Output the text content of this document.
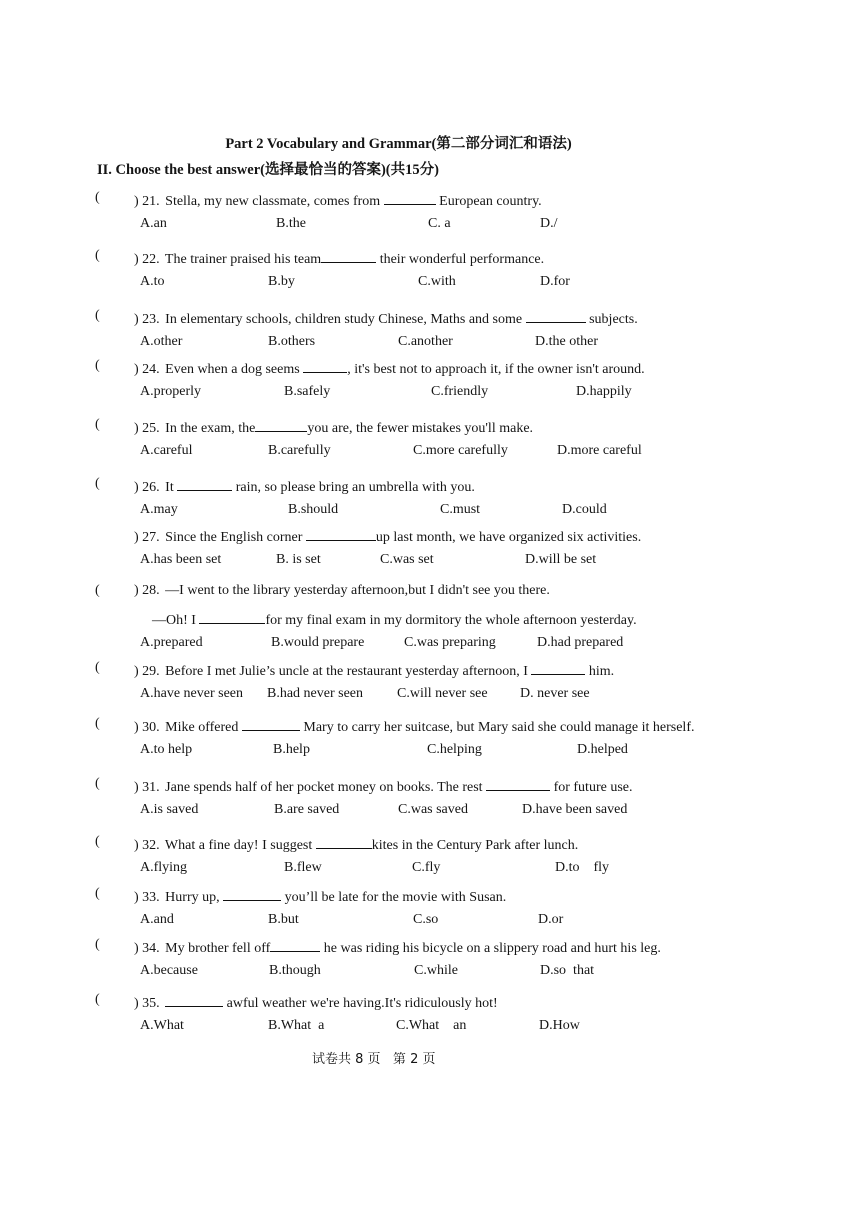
Part 2 Vocabulary and Grammar(第二部分词汇和语法)
II. Choose the best answer(选择最恰当的答案)(共15分)
( ) 21. Stella, my new classmate, comes from	European country.
A.an	B.the	C. a	D./
( ) 22. The trainer praised his team	their wonderful performance.
A.to	B.by	C.with	D.for
( ) 23. In elementary schools, children study Chinese, Maths and some	subjects.
A.other	B.others	C.another	D.the other
( ) 24. Even when a dog seems	, it's best not to approach it, if the owner isn't around.
A.properly	B.safely	C.friendly	D.happily
( ) 25. In the exam, the	you are, the fewer mistakes you'll make.
A.careful	B.carefully	C.more carefully	D.more careful
( ) 26. It	rain, so please bring an umbrella with you.
A.may	B.should	C.must	D.could
) 27. Since the English corner	up last month, we have organized six activities.
A.has been set	B. is set	C.was set	D.will be set
( ) 28. —I went to the library yesterday afternoon,but I didn't see you there.
—Oh! I	for my final exam in my dormitory the whole afternoon yesterday.
A.prepared	B.would prepare	C.was preparing	D.had prepared
( ) 29. Before I met Julie’s uncle at the restaurant yesterday afternoon, I	him.
A.have never seen B.had never seen C.will never see D. never see
( ) 30. Mike offered	Mary to carry her suitcase, but Mary said she could manage it herself.
A.to help	B.help	C.helping	D.helped
( ) 31. Jane spends half of her pocket money on books. The rest	for future use.
A.is saved	B.are saved	C.was saved	D.have been saved
( ) 32. What a fine day! I suggest	kites in the Century Park after lunch.
A.flying	B.flew	C.fly	D.to    fly
( ) 33. Hurry up,	you’ll be late for the movie with Susan.
A.and	B.but	C.so	D.or
( ) 34. My brother fell off	he was riding his bicycle on a slippery road and hurt his leg.
A.because	B.though	C.while	D.so  that
( ) 35.	awful weather we're having.It's ridiculously hot!
A.What	B.What  a	C.What    an	D.How
试卷共 8 页   第 2 页
